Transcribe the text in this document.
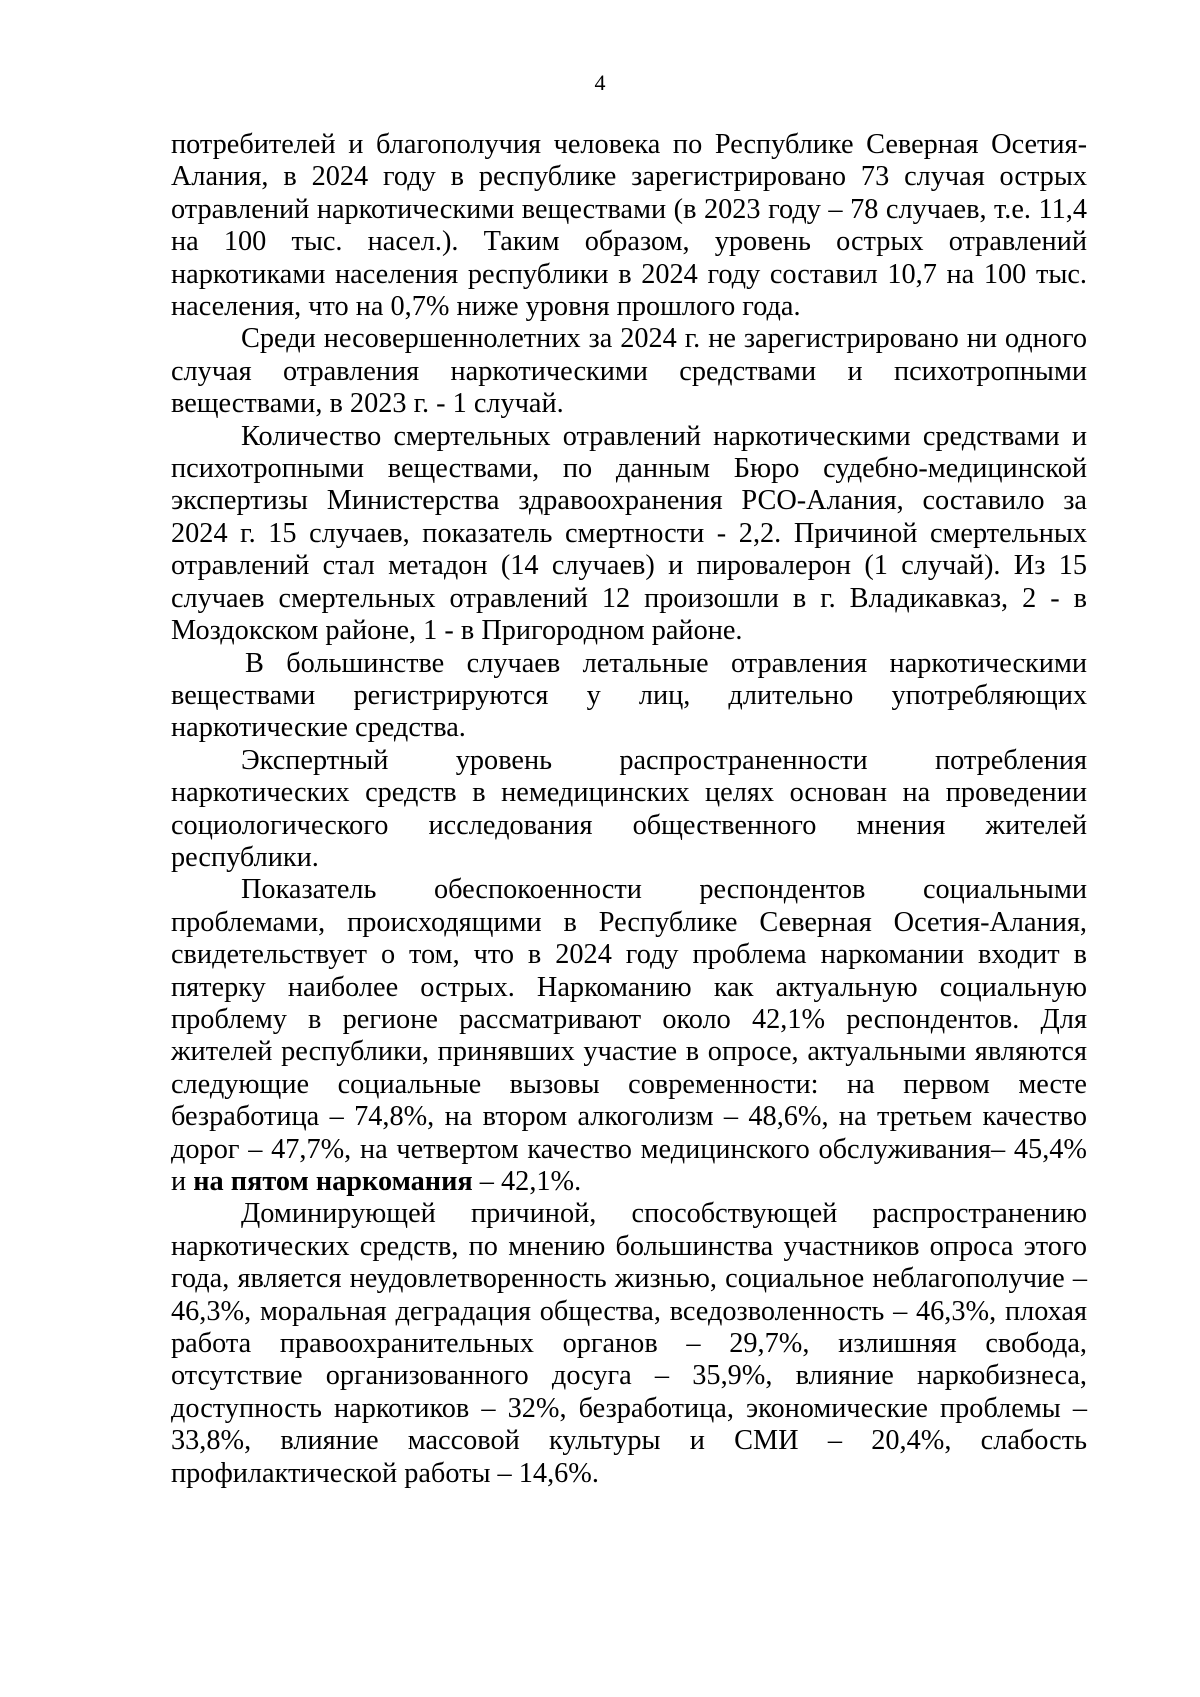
4

потребителей и благополучия человека по Республике Северная Осетия-Алания, в 2024 году в республике зарегистрировано 73 случая острых отравлений наркотическими веществами (в 2023 году – 78 случаев, т.е. 11,4 на 100 тыс. насел.). Таким образом, уровень острых отравлений наркотиками населения республики в 2024 году составил 10,7 на 100 тыс. населения, что на 0,7% ниже уровня прошлого года.

Среди несовершеннолетних за 2024 г. не зарегистрировано ни одного случая отравления наркотическими средствами и психотропными веществами, в 2023 г. - 1 случай.

Количество смертельных отравлений наркотическими средствами и психотропными веществами, по данным Бюро судебно-медицинской экспертизы Министерства здравоохранения РСО-Алания, составило за 2024 г. 15 случаев, показатель смертности - 2,2. Причиной смертельных отравлений стал метадон (14 случаев) и пировалерон (1 случай). Из 15 случаев смертельных отравлений 12 произошли в г. Владикавказ, 2 - в Моздокском районе, 1 - в Пригородном районе.

В большинстве случаев летальные отравления наркотическими веществами регистрируются у лиц, длительно употребляющих наркотические средства.

Экспертный уровень распространенности потребления наркотических средств в немедицинских целях основан на проведении социологического исследования общественного мнения жителей республики.

Показатель обеспокоенности респондентов социальными проблемами, происходящими в Республике Северная Осетия-Алания, свидетельствует о том, что в 2024 году проблема наркомании входит в пятерку наиболее острых. Наркоманию как актуальную социальную проблему в регионе рассматривают около 42,1% респондентов. Для жителей республики, принявших участие в опросе, актуальными являются следующие социальные вызовы современности: на первом месте безработица – 74,8%, на втором алкоголизм – 48,6%, на третьем качество дорог – 47,7%, на четвертом качество медицинского обслуживания– 45,4% и на пятом наркомания – 42,1%.

Доминирующей причиной, способствующей распространению наркотических средств, по мнению большинства участников опроса этого года, является неудовлетворенность жизнью, социальное неблагополучие – 46,3%, моральная деградация общества, вседозволенность – 46,3%, плохая работа правоохранительных органов – 29,7%, излишняя свобода, отсутствие организованного досуга – 35,9%, влияние наркобизнеса, доступность наркотиков – 32%, безработица, экономические проблемы – 33,8%, влияние массовой культуры и СМИ – 20,4%, слабость профилактической работы – 14,6%.
